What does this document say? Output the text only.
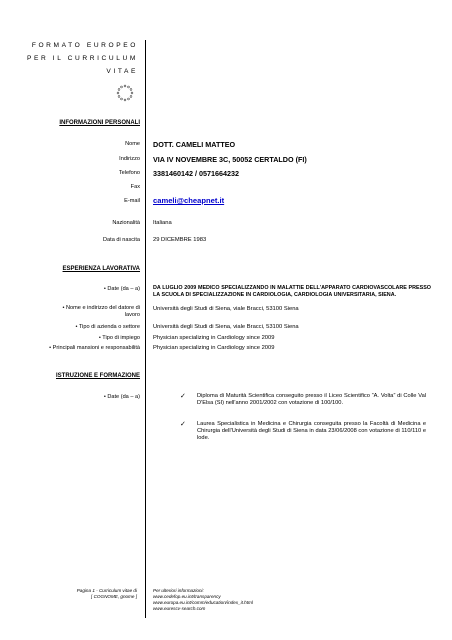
FORMATO EUROPEO
PER IL CURRICULUM
VITAE
INFORMAZIONI PERSONALI
Nome DOTT. CAMELI MATTEO
Indirizzo VIA IV NOVEMBRE 3C, 50052 CERTALDO (FI)
Telefono 3381460142 / 0571664232
Fax
E-mail cameli@cheapnet.it
Nazionalità Italiana
Data di nascita 29 DICEMBRE 1983
ESPERIENZA LAVORATIVA
• Date (da – a) DA LUGLIO 2009 MEDICO SPECIALIZZANDO IN MALATTIE DELL'APPARATO CARDIOVASCOLARE PRESSO LA SCUOLA DI SPECIALIZZAZIONE IN CARDIOLOGIA, CARDIOLOGIA UNIVERSITARIA, SIENA.
• Nome e indirizzo del datore di lavoro
Università degli Studi di Siena, viale Bracci, 53100 Siena
• Tipo di azienda o settore Università degli Studi di Siena, viale Bracci, 53100 Siena
• Tipo di impiego Physician specializing in Cardiology since 2009
• Principali mansioni e responsabilità Physician specializing in Cardiology since 2009
ISTRUZIONE E FORMAZIONE
• Date (da – a)	✓ Diploma di Maturità Scientifica conseguito presso il Liceo Scientifico “A. Volta” di Colle Val D'Elsa (SI) nell'anno 2001/2002 con votazione di 100/100.
✓ Laurea Specialistica in Medicina e Chirurgia conseguita presso la Facoltà di Medicina e Chirurgia dell'Università degli Studi di Siena in data 23/06/2008 con votazione di 110/110 e lode.
Pagina 1 - Curriculum vitae di
[ COGNOME, gnome ]
Per ulteriori informazioni:
www.cedefop.eu.int/transparency
www.europa.eu.int/comm/education/index_it.html
www.eurescv-search.com
